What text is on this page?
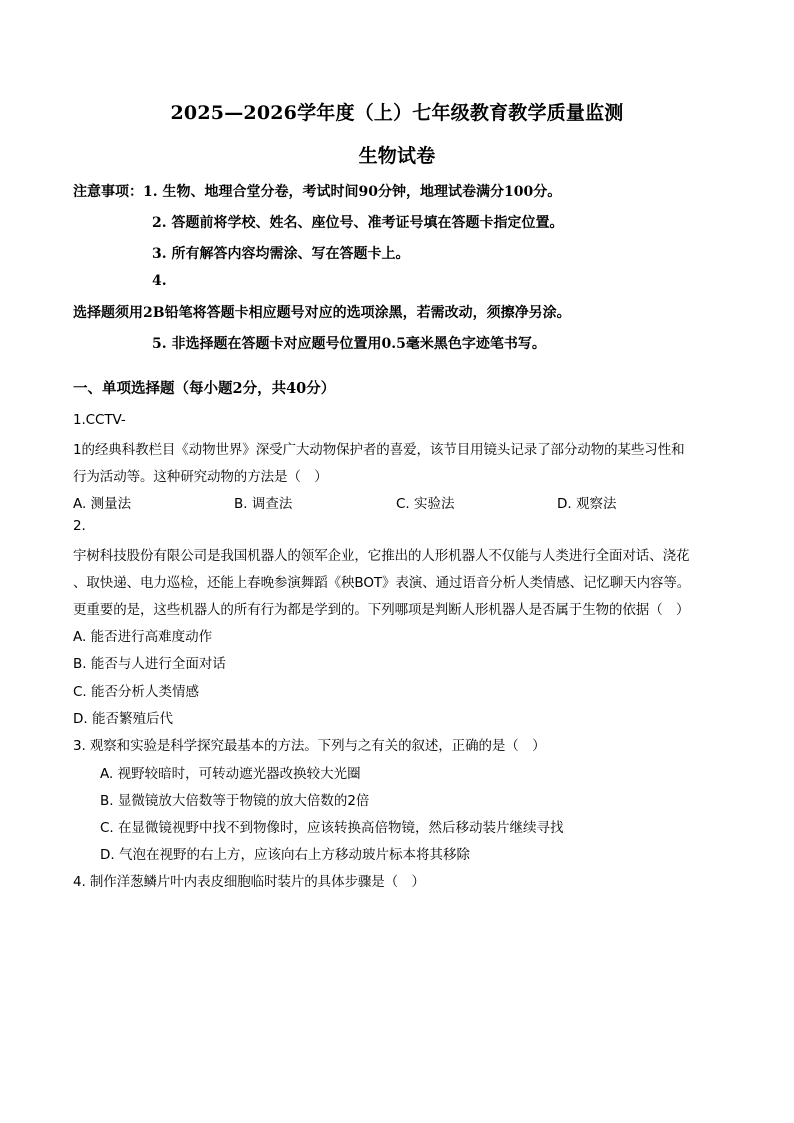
2025—2026学年度（上）七年级教育教学质量监测
生物试卷
注意事项：1. 生物、地理合堂分卷，考试时间90分钟，地理试卷满分100分。
2. 答题前将学校、姓名、座位号、准考证号填在答题卡指定位置。
3. 所有解答内容均需涂、写在答题卡上。
4.
选择题须用2B铅笔将答题卡相应题号对应的选项涂黑，若需改动，须擦净另涂。
5. 非选择题在答题卡对应题号位置用0.5毫米黑色字迹笔书写。
一、单项选择题（每小题2分，共40分）
1.CCTV-
1的经典科教栏目《动物世界》深受广大动物保护者的喜爱，该节目用镜头记录了部分动物的某些习性和
行为活动等。这种研究动物的方法是（　）
A. 测量法	B. 调查法	C. 实验法	D. 观察法
2.
宇树科技股份有限公司是我国机器人的领军企业，它推出的人形机器人不仅能与人类进行全面对话、浇花
、取快递、电力巡检，还能上春晚参演舞蹈《秧BOT》表演、通过语音分析人类情感、记忆聊天内容等。
更重要的是，这些机器人的所有行为都是学到的。下列哪项是判断人形机器人是否属于生物的依据（　）
A. 能否进行高难度动作
B. 能否与人进行全面对话
C. 能否分析人类情感
D. 能否繁殖后代
3. 观察和实验是科学探究最基本的方法。下列与之有关的叙述，正确的是（　）
A. 视野较暗时，可转动遮光器改换较大光圈
B. 显微镜放大倍数等于物镜的放大倍数的2倍
C. 在显微镜视野中找不到物像时，应该转换高倍物镜，然后移动装片继续寻找
D. 气泡在视野的右上方，应该向右上方移动玻片标本将其移除
4. 制作洋葱鳞片叶内表皮细胞临时装片的具体步骤是（　）
